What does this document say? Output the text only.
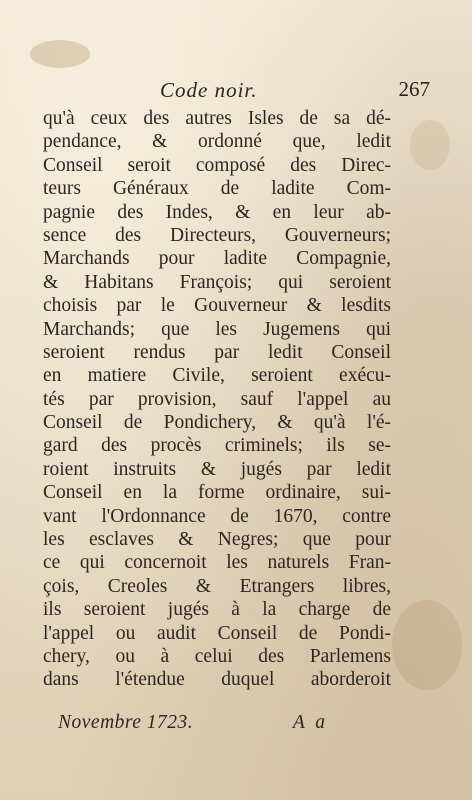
Code noir.	267
qu'à ceux des autres Isles de sa dé-
pendance, & ordonné que, ledit
Conseil seroit composé des Direc-
teurs Généraux de ladite Com-
pagnie des Indes, & en leur ab-
sence des Directeurs, Gouverneurs;
Marchands pour ladite Compagnie,
& Habitans François; qui seroient
choisis par le Gouverneur & lesdits
Marchands; que les Jugemens qui
seroient rendus par ledit Conseil
en matiere Civile, seroient exécu-
tés par provision, sauf l'appel au
Conseil de Pondichery, & qu'à l'é-
gard des procès criminels; ils se-
roient instruits & jugés par ledit
Conseil en la forme ordinaire, sui-
vant l'Ordonnance de 1670, contre
les esclaves & Negres; que pour
ce qui concernoit les naturels Fran-
çois, Creoles & Etrangers libres,
ils seroient jugés à la charge de
l'appel ou audit Conseil de Pondi-
chery, ou à celui des Parlemens
dans l'étendue duquel aborderoit
Novembre 1723.	A a
